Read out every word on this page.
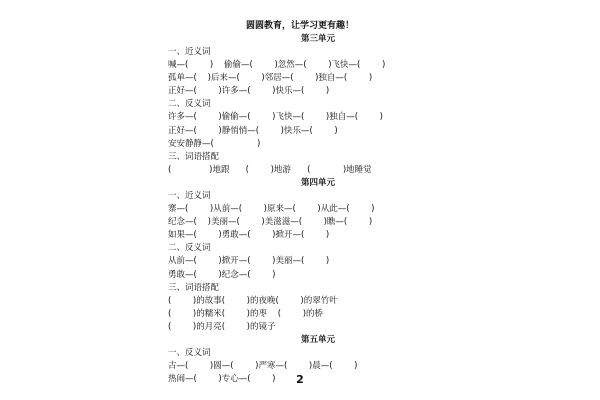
圆圆教育，让学习更有趣！
第三单元
一、近义词
喊—(        )    偷偷—(        )忽然—(        )飞快—(        )
孤单—(    )后来—(        )邻居—(        )独自—(        )
正好—(        )许多—(        )快乐—(        )
二、反义词
许多—(        )偷偷—(        )飞快—(        )独自—(        )
正好—(        )静悄悄—(        )快乐—(        )
安安静静—(                )
三、词语搭配
(              )地跟      (        )地游      (            )地睡觉
第四单元
一、近义词
寨—(        )从前—(        )原来—(        )从此—(        )
纪念—(    )美丽—(        )美滋滋—(        )瞧—(        )
如果—(        )勇敢—(        )掀开—(        )
二、反义词
从前—(        )掀开—(        )美丽—(        )
勇敢—(        )纪念—(        )
三、词语搭配
(        )的故事(        )的夜晚(        )的翠竹叶
(        )的糯米(        )的枣    (        )的桥
(        )的月亮(        )的镜子
第五单元
一、反义词
古—(        )圆—(        )严寒—(        )晨—(        )
热闹—(        )专心—(        )	2
